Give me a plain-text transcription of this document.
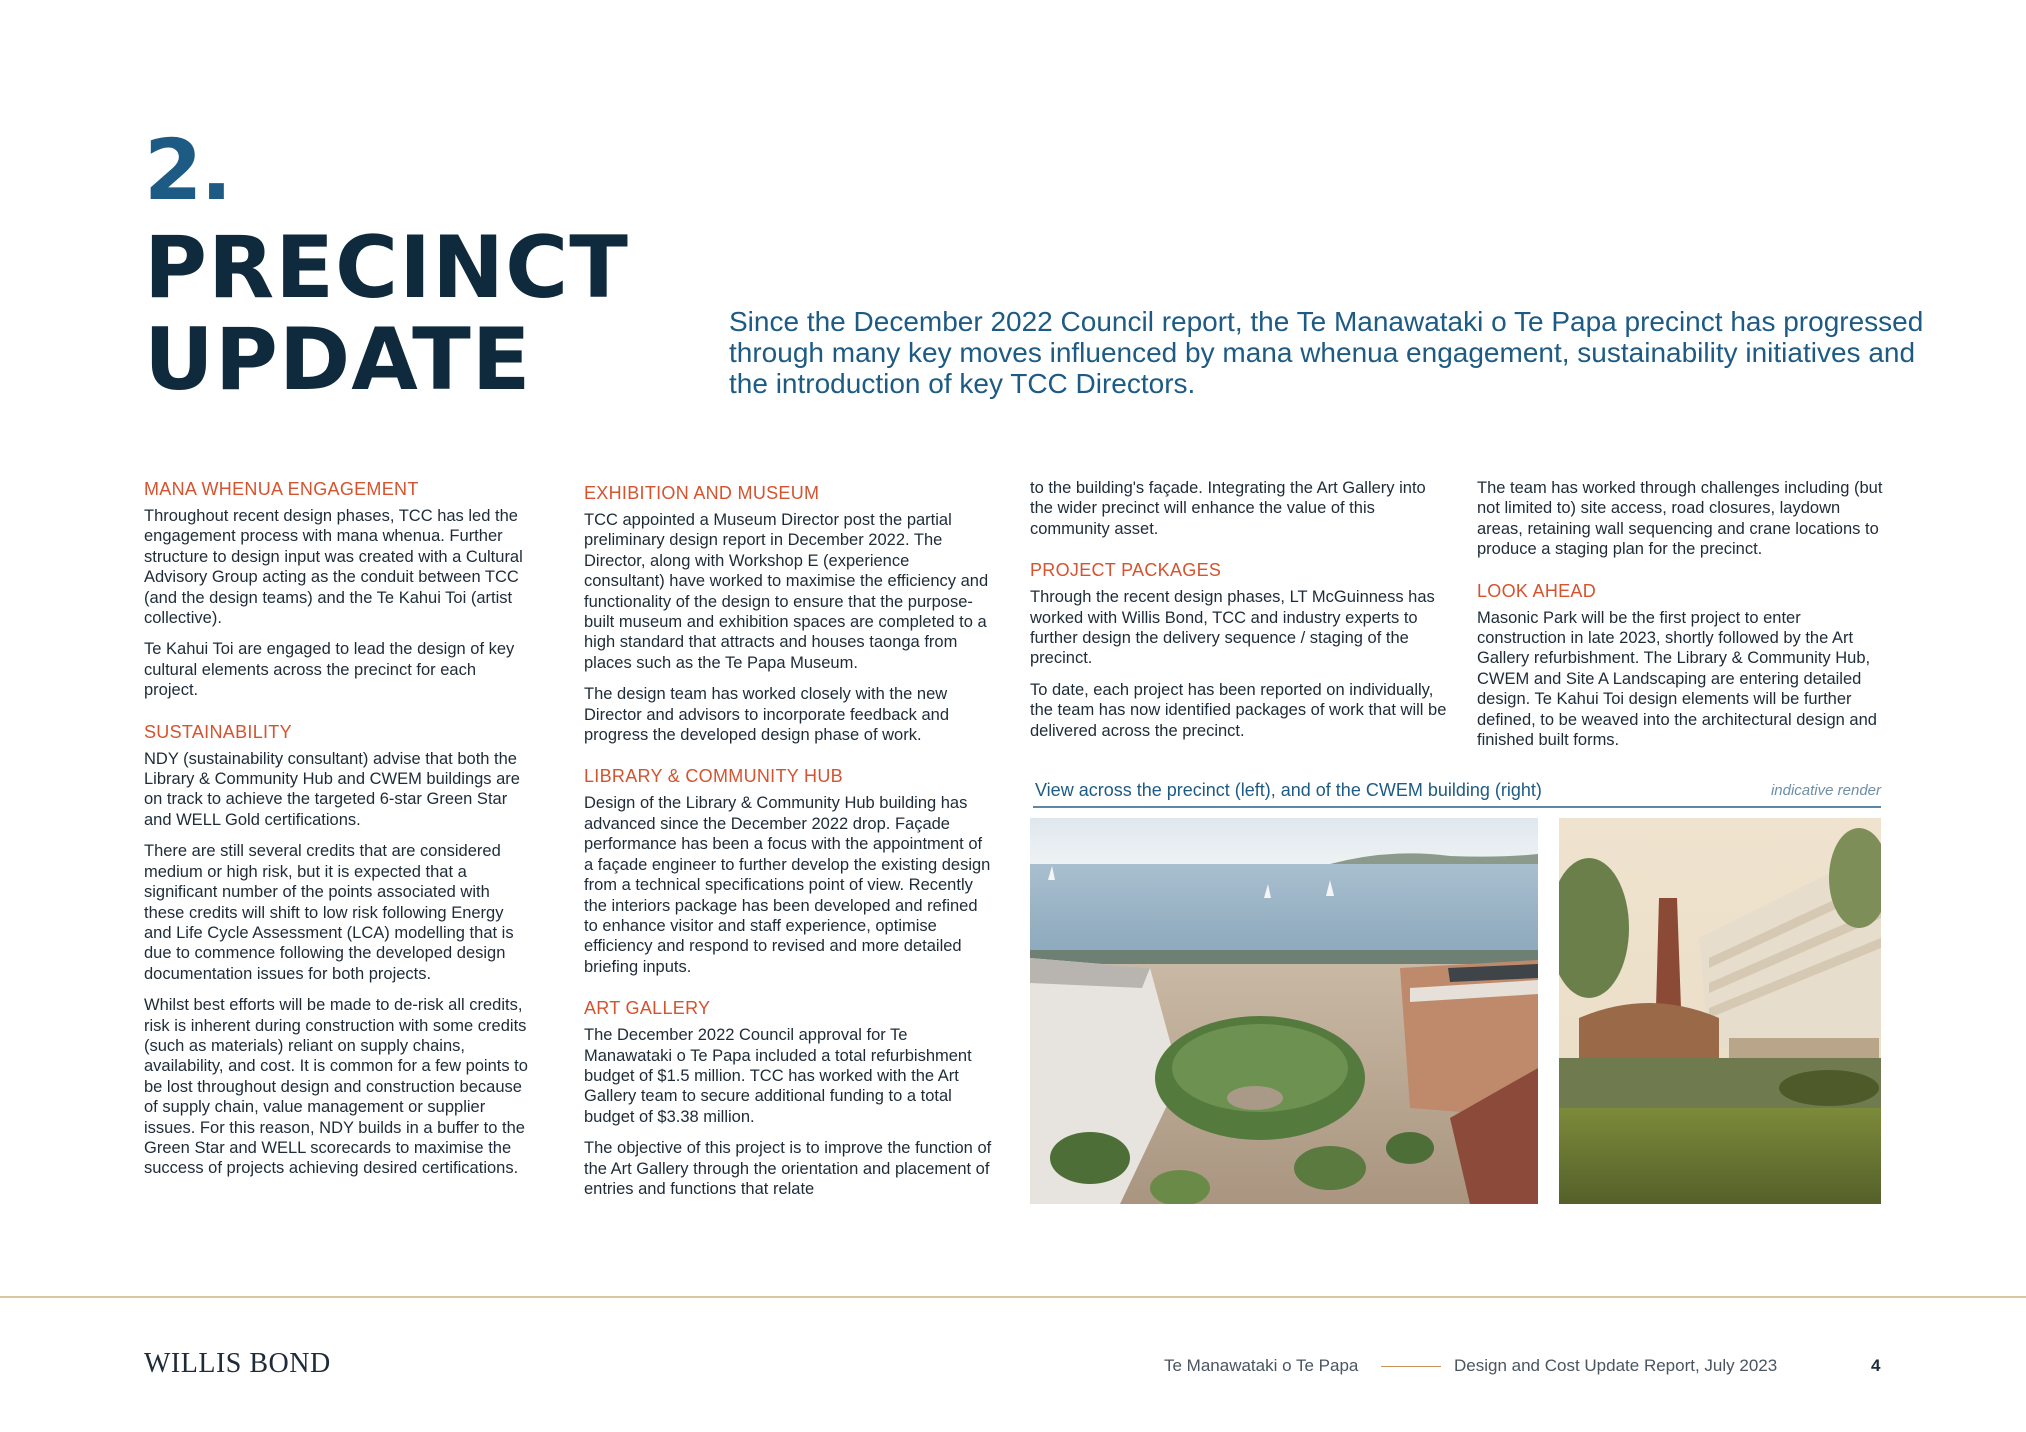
2.
PRECINCT
UPDATE	Since the December 2022 Council report, the Te Manawataki o Te Papa precinct has progressed through many key moves influenced by mana whenua engagement, sustainability initiatives and the introduction of key TCC Directors.

MANA WHENUA ENGAGEMENT

Throughout recent design phases, TCC has led the engagement process with mana whenua. Further structure to design input was created with a Cultural Advisory Group acting as the conduit between TCC (and the design teams) and the Te Kahui Toi (artist collective).

Te Kahui Toi are engaged to lead the design of key cultural elements across the precinct for each project.

SUSTAINABILITY

NDY (sustainability consultant) advise that both the Library & Community Hub and CWEM buildings are on track to achieve the targeted 6-star Green Star and WELL Gold certifications.

There are still several credits that are considered medium or high risk, but it is expected that a significant number of the points associated with these credits will shift to low risk following Energy and Life Cycle Assessment (LCA) modelling that is due to commence following the developed design documentation issues for both projects.

Whilst best efforts will be made to de-risk all credits, risk is inherent during construction with some credits (such as materials) reliant on supply chains, availability, and cost. It is common for a few points to be lost throughout design and construction because of supply chain, value management or supplier issues. For this reason, NDY builds in a buffer to the Green Star and WELL scorecards to maximise the success of projects achieving desired certifications.

EXHIBITION AND MUSEUM

TCC appointed a Museum Director post the partial preliminary design report in December 2022. The Director, along with Workshop E (experience consultant) have worked to maximise the efficiency and functionality of the design to ensure that the purpose-built museum and exhibition spaces are completed to a high standard that attracts and houses taonga from places such as the Te Papa Museum.

The design team has worked closely with the new Director and advisors to incorporate feedback and progress the developed design phase of work.

LIBRARY & COMMUNITY HUB

Design of the Library & Community Hub building has advanced since the December 2022 drop. Façade performance has been a focus with the appointment of a façade engineer to further develop the existing design from a technical specifications point of view. Recently the interiors package has been developed and refined to enhance visitor and staff experience, optimise efficiency and respond to revised and more detailed briefing inputs.

ART GALLERY

The December 2022 Council approval for Te Manawataki o Te Papa included a total refurbishment budget of $1.5 million. TCC has worked with the Art Gallery team to secure additional funding to a total budget of $3.38 million.

The objective of this project is to improve the function of the Art Gallery through the orientation and placement of entries and functions that relate

to the building's façade. Integrating the Art Gallery into the wider precinct will enhance the value of this community asset.

PROJECT PACKAGES

Through the recent design phases, LT McGuinness has worked with Willis Bond, TCC and industry experts to further design the delivery sequence / staging of the precinct.

To date, each project has been reported on individually, the team has now identified packages of work that will be delivered across the precinct.

The team has worked through challenges including (but not limited to) site access, road closures, laydown areas, retaining wall sequencing and crane locations to produce a staging plan for the precinct.

LOOK AHEAD

Masonic Park will be the first project to enter construction in late 2023, shortly followed by the Art Gallery refurbishment. The Library & Community Hub, CWEM and Site A Landscaping are entering detailed design. Te Kahui Toi design elements will be further defined, to be weaved into the architectural design and finished built forms.

View across the precinct (left), and of the CWEM building (right)	indicative render
WILLIS BOND	Te Manawataki o Te Papa	Design and Cost Update Report, July 2023	4
